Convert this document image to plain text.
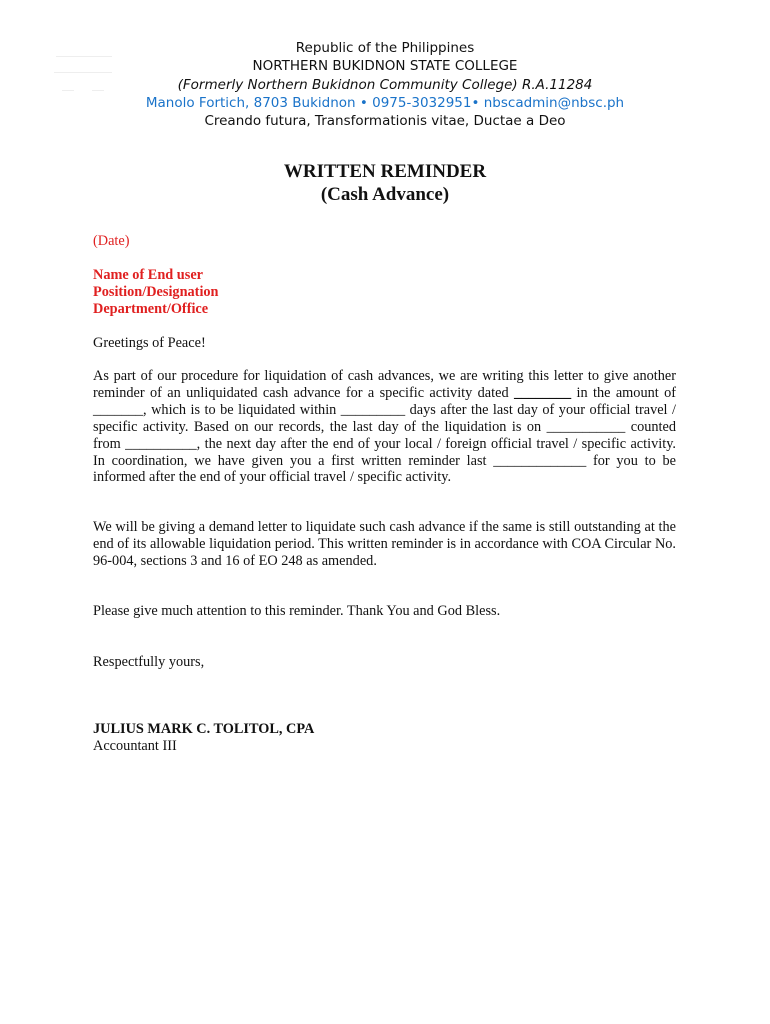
Republic of the Philippines
NORTHERN BUKIDNON STATE COLLEGE
(Formerly Northern Bukidnon Community College) R.A.11284
Manolo Fortich, 8703 Bukidnon • 0975-3032951• nbscadmin@nbsc.ph
Creando futura, Transformationis vitae, Ductae a Deo
WRITTEN REMINDER
(Cash Advance)

(Date)

Name of End user

Position/Designation

Department/Office

Greetings of Peace!

As part of our procedure for liquidation of cash advances, we are writing this letter to give another reminder of an unliquidated cash advance for a specific activity dated ________ in the amount of _______, which is to be liquidated within _________ days after the last day of your official travel / specific activity. Based on our records, the last day of the liquidation is on ___________ counted from __________, the next day after the end of your local / foreign official travel / specific activity. In coordination, we have given you a first written reminder last _____________ for you to be informed after the end of your official travel / specific activity.

We will be giving a demand letter to liquidate such cash advance if the same is still outstanding at the end of its allowable liquidation period. This written reminder is in accordance with COA Circular No. 96-004, sections 3 and 16 of EO 248 as amended.

Please give much attention to this reminder. Thank You and God Bless.

Respectfully yours,

JULIUS MARK C. TOLITOL, CPA

Accountant III
